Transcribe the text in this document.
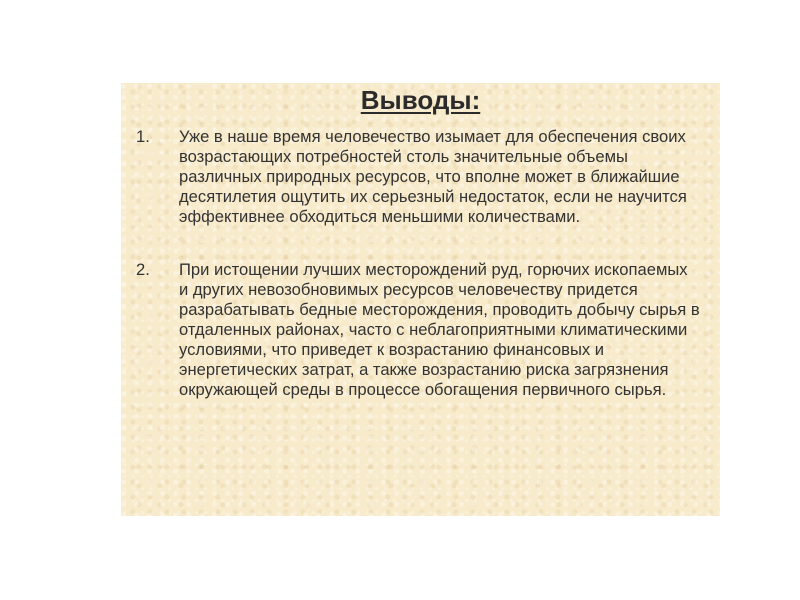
Выводы:
1. Уже в наше время человечество изымает для обеспечения своих возрастающих потребностей столь значительные объемы различных природных ресурсов, что вполне может в ближайшие десятилетия ощутить их серьезный недостаток, если не научится эффективнее обходиться меньшими количествами.
2. При истощении лучших месторождений руд, горючих ископаемых и других невозобновимых ресурсов человечеству придется разрабатывать бедные месторождения, проводить добычу сырья в отдаленных районах, часто с неблагоприятными климатическими условиями, что приведет к возрастанию финансовых и энергетических затрат, а также возрастанию риска загрязнения окружающей среды в процессе обогащения первичного сырья.
